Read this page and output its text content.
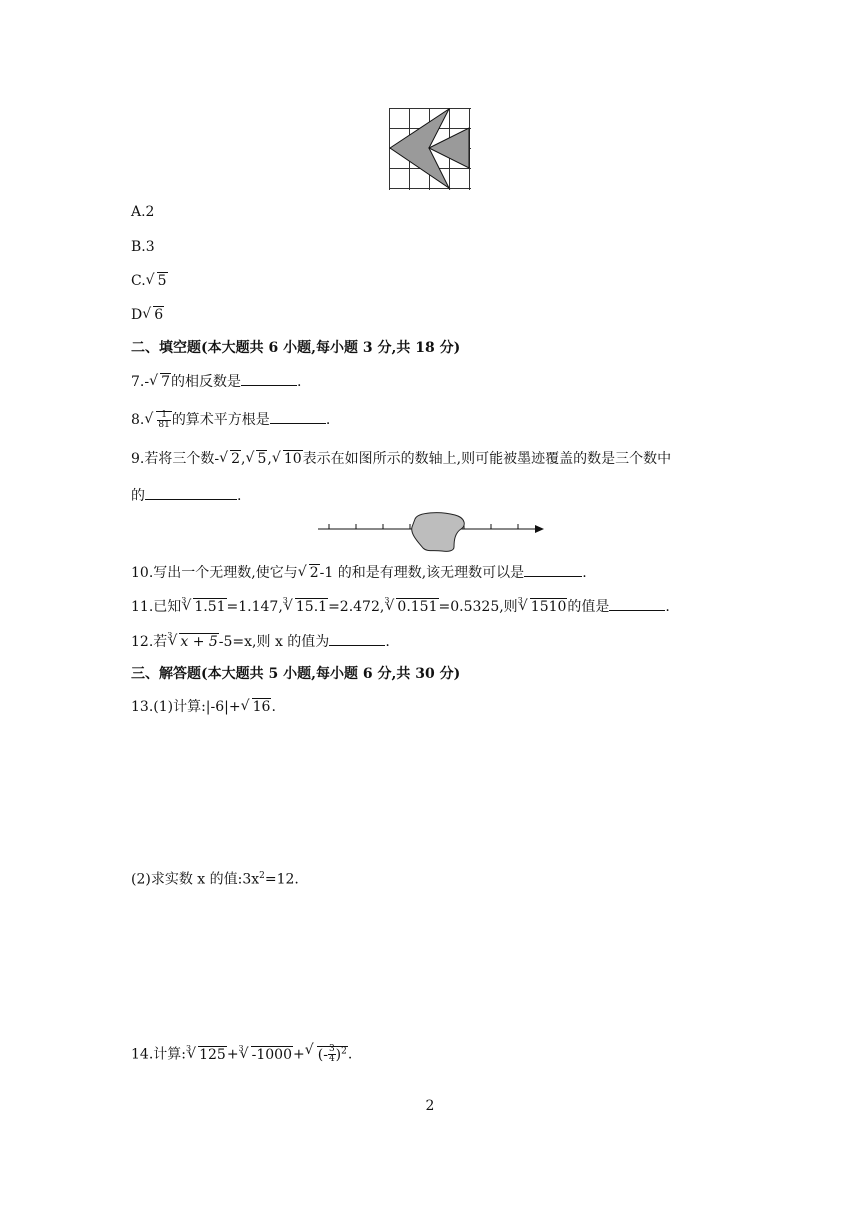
A.2
B.3
C. √ 5
D √ 6
二、填空题(本大题共 6 小题,每小题 3 分,共 18 分)
7.- √ 7的相反数是	.
8. √ $\frac{1}{81}$ 的算术平方根是	.
9.若将三个数- √ 2, √ 5, √ 10表示在如图所示的数轴上,则可能被墨迹覆盖的数是三个数中
的	.
10.写出一个无理数,使它与 √ 2-1 的和是有理数,该无理数可以是	.
11.已知$^3$ √ 1.51=1.147,$^3$ √ 15.1=2.472,$^3$ √ 0.151=0.5325,则$^3$ √ 1510的值是	.
12.若$^3$ √ x + 5-5=x,则 x 的值为	.
三、解答题(本大题共 5 小题,每小题 6 分,共 30 分)
13.(1)计算:|-6|+ √ 16.
(2)求实数 x 的值$:3x^2=12$.
14.计算:$^3$ √ 125+$^3$ √ -1000+ √ (- $\frac{3}{4} )^2$.
2
